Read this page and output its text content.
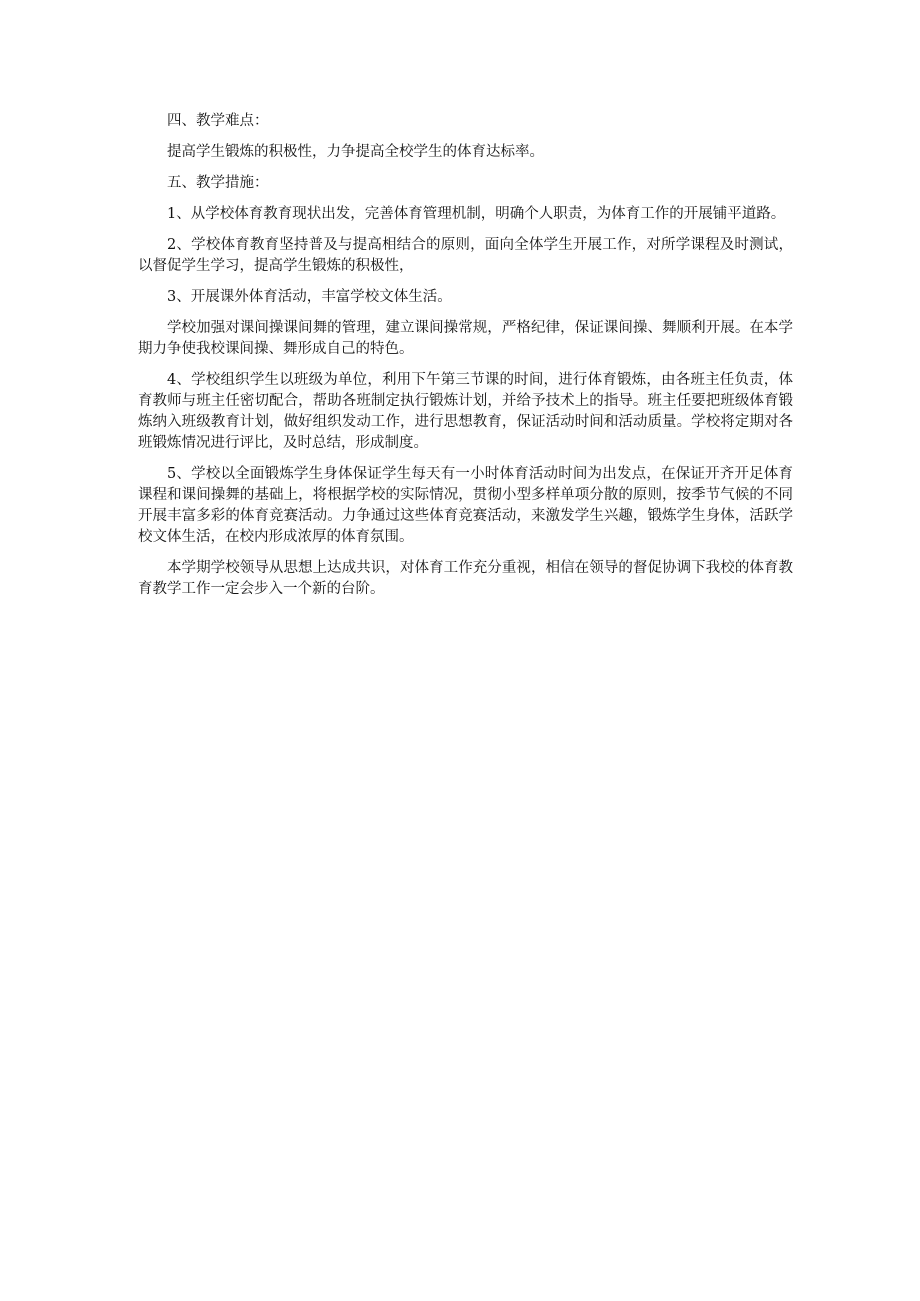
四、教学难点：

提高学生锻炼的积极性，力争提高全校学生的体育达标率。

五、教学措施：

1、从学校体育教育现状出发，完善体育管理机制，明确个人职责，为体育工作的开展铺平道路。

2、学校体育教育坚持普及与提高相结合的原则，面向全体学生开展工作，对所学课程及时测试，以督促学生学习，提高学生锻炼的积极性，

3、开展课外体育活动，丰富学校文体生活。

学校加强对课间操课间舞的管理，建立课间操常规，严格纪律，保证课间操、舞顺利开展。在本学期力争使我校课间操、舞形成自己的特色。

4、学校组织学生以班级为单位，利用下午第三节课的时间，进行体育锻炼，由各班主任负责，体育教师与班主任密切配合，帮助各班制定执行锻炼计划，并给予技术上的指导。班主任要把班级体育锻炼纳入班级教育计划，做好组织发动工作，进行思想教育，保证活动时间和活动质量。学校将定期对各班锻炼情况进行评比，及时总结，形成制度。

5、学校以全面锻炼学生身体保证学生每天有一小时体育活动时间为出发点，在保证开齐开足体育课程和课间操舞的基础上，将根据学校的实际情况，贯彻小型多样单项分散的原则，按季节气候的不同开展丰富多彩的体育竞赛活动。力争通过这些体育竞赛活动，来激发学生兴趣，锻炼学生身体，活跃学校文体生活，在校内形成浓厚的体育氛围。

本学期学校领导从思想上达成共识，对体育工作充分重视，相信在领导的督促协调下我校的体育教育教学工作一定会步入一个新的台阶。
